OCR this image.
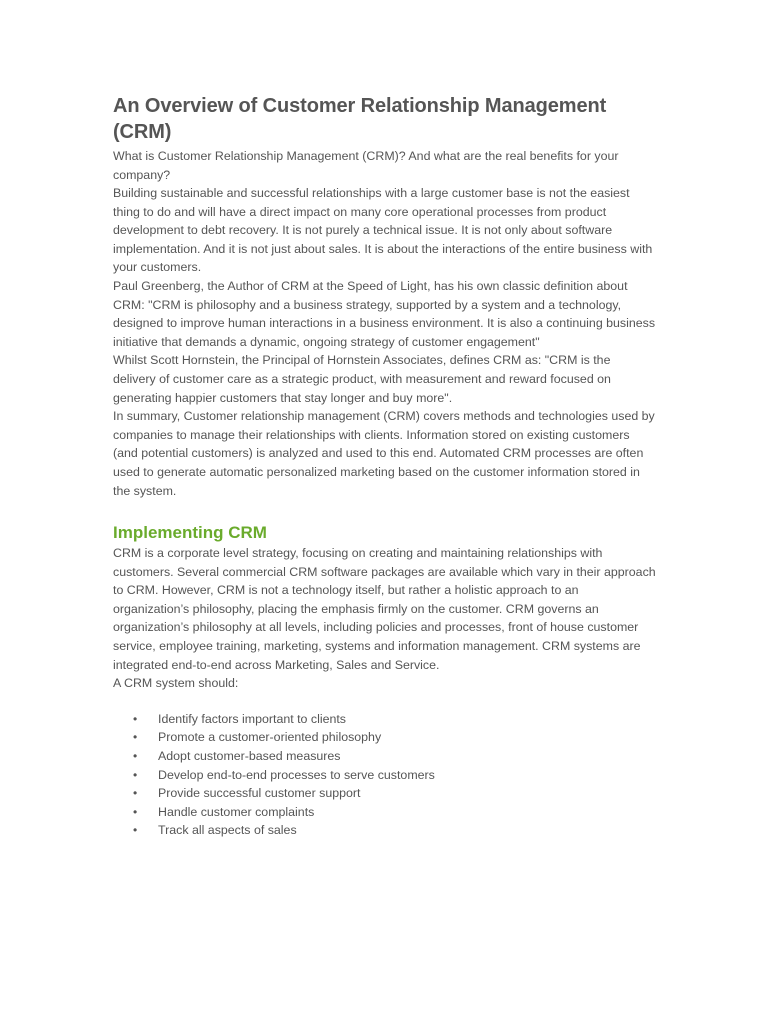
An Overview of Customer Relationship Management (CRM)

What is Customer Relationship Management (CRM)? And what are the real benefits for your company?

Building sustainable and successful relationships with a large customer base is not the easiest thing to do and will have a direct impact on many core operational processes from product development to debt recovery. It is not purely a technical issue. It is not only about software implementation. And it is not just about sales. It is about the interactions of the entire business with your customers.

Paul Greenberg, the Author of CRM at the Speed of Light, has his own classic definition about CRM: "CRM is philosophy and a business strategy, supported by a system and a technology, designed to improve human interactions in a business environment. It is also a continuing business initiative that demands a dynamic, ongoing strategy of customer engagement"

Whilst Scott Hornstein, the Principal of Hornstein Associates, defines CRM as: "CRM is the delivery of customer care as a strategic product, with measurement and reward focused on generating happier customers that stay longer and buy more".

In summary, Customer relationship management (CRM) covers methods and technologies used by companies to manage their relationships with clients. Information stored on existing customers (and potential customers) is analyzed and used to this end. Automated CRM processes are often used to generate automatic personalized marketing based on the customer information stored in the system.

Implementing CRM

CRM is a corporate level strategy, focusing on creating and maintaining relationships with customers. Several commercial CRM software packages are available which vary in their approach to CRM. However, CRM is not a technology itself, but rather a holistic approach to an organization’s philosophy, placing the emphasis firmly on the customer. CRM governs an organization’s philosophy at all levels, including policies and processes, front of house customer service, employee training, marketing, systems and information management. CRM systems are integrated end-to-end across Marketing, Sales and Service.

A CRM system should:

• Identify factors important to clients
• Promote a customer-oriented philosophy
• Adopt customer-based measures
• Develop end-to-end processes to serve customers
• Provide successful customer support
• Handle customer complaints
• Track all aspects of sales
